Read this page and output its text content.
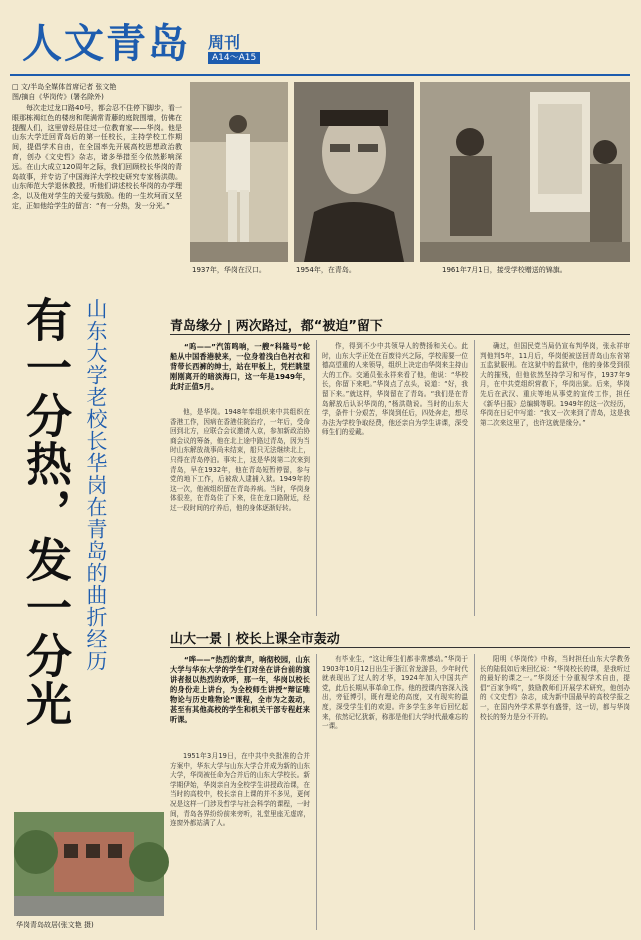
人文青岛 周刊
A14～A15
□ 文/半岛全媒体首席记者 张文艳
图/摘自《华岗传》(署名除外)
每次走过龙口路40号，都会忍不住停下脚步，看一眼那栋褐红色的楼房和爬满常青藤的庭院围墙，仿佛在提醒人们，这里曾经居住过一位教育家——华岗。他是山东大学迁回青岛后的第一任校长，主持学校工作期间，提倡学术自由，在全国率先开展高校思想政治教育，创办《文史哲》杂志，诸多举措至今依然影响深远。在山大成立120周年之际，我们回顾校长华岗的青岛故事，并专访了中国海洋大学校史研究专家杨洪勋。山东师范大学退休教授，听他们讲述校长华岗的办学理念，以及他对学生的关爱与鼓励。他的一生坎坷而又坚定，正如他给学生的留言：“有一分热，发一分光。”
1937年，华岗在汉口。	1954年，在青岛。	1961年7月1日，接受学校赠送的锦旗。
有一分热，发一分光 山东大学老校长华岗在青岛的曲折经历	青岛缘分 | 两次路过，都“被迫”留下
“呜——”汽笛鸣响，一艘“科隆号”轮船从中国香港驶来，一位身着浅白色衬衣和背带长西裤的绅士，站在甲板上，凭栏眺望刚刚离开的暗淡海口，这一年是1949年，此时正值5月。
他，是华岗。1948年奉组织来中共组织在香港工作，因病在香港住院治疗，一年后，受命回到北方，应联合会议邀请入京，参加新政治协商会议的筹备，他在北上途中路过青岛，因为当时山东解放战事尚未结束，船只无法继续北上，只得在青岛停泊。事实上，这是华岗第二次来到青岛，早在1932年，他在青岛短暂停留，参与党的地下工作，后被敌人逮捕入狱。1949年的这一次，他被组织留在青岛养病。当时，华岗身体很差，在青岛住了下来，住在龙口路附近，经过一段时间的疗养后，他的身体逐渐好转。
作，得到不少中共领导人的赞扬和关心。此时，山东大学正处在百废待兴之际，学校需要一位德高望重的人来领导，组织上决定由华岗来主持山大的工作。交通员张永祥来看了他，他说：“华校长，你留下来吧。”华岗点了点头，说道：“好，我留下来。”就这样，华岗留在了青岛。“我们是在青岛解放后认识华岗的，”杨洪勋说。当时的山东大学，条件十分艰苦，华岗到任后，四处奔走，想尽办法为学校争取经费，他还亲自为学生讲课，深受师生们的爱戴。
确过，但国民党当局仍宣布判华岗，张永祥审判他判5年，11月后，华岗便被送回青岛山东省第五监狱服刑。在这狱中的监狱中，他的身体受到很大的摧残，但他依然坚持学习和写作，1937年9月，在中共党组织营救下，华岗出狱。后来，华岗先后在武汉、重庆等地从事党的宣传工作，担任《新华日报》总编辑等职。1949年的这一次经历，华岗在日记中写道：“我又一次来到了青岛，这是我第二次来这里了，也许这就是缘分。”
山大一景 | 校长上课全市轰动
“哗——”热烈的掌声，响彻校园，山东大学与华东大学的学生们对坐在讲台前的演讲者报以热烈的欢呼，那一年，华岗以校长的身份走上讲台，为全校师生讲授“辩证唯物论与历史唯物论”课程，全市为之轰动，甚至有其他高校的学生和机关干部专程赶来听课。
1951年3月19日，在中共中央批准的合并方案中，华东大学与山东大学合并成为新的山东大学，华岗被任命为合并后的山东大学校长。新学期伊始，华岗亲自为全校学生讲授政治课，在当时的高校中，校长亲自上课的并不多见，更何况是这样一门涉及哲学与社会科学的课程，一时间，青岛各界纷纷前来旁听，礼堂里座无虚席，连窗外都站满了人。
有毕业生，“这让师生们都非常感动。”华岗于1903年10月12日出生于浙江省龙游县，少年时代就表现出了过人的才华，1924年加入中国共产党，此后长期从事革命工作。他的授课内容深入浅出，旁征博引，既有理论的高度，又有现实的温度，深受学生们的欢迎。许多学生多年后回忆起来，依然记忆犹新，称那是他们大学时代最难忘的一课。
阳明《华岗传》中称，当时担任山东大学教务长的陆侃如后来回忆说：“华岗校长的课，是我听过的最好的课之一。”华岗还十分重视学术自由，提倡“百家争鸣”，鼓励教师们开展学术研究，他创办的《文史哲》杂志，成为新中国最早的高校学报之一，在国内外学术界享有盛誉，这一切，都与华岗校长的努力是分不开的。
华岗青岛故居(张文艳 摄)
